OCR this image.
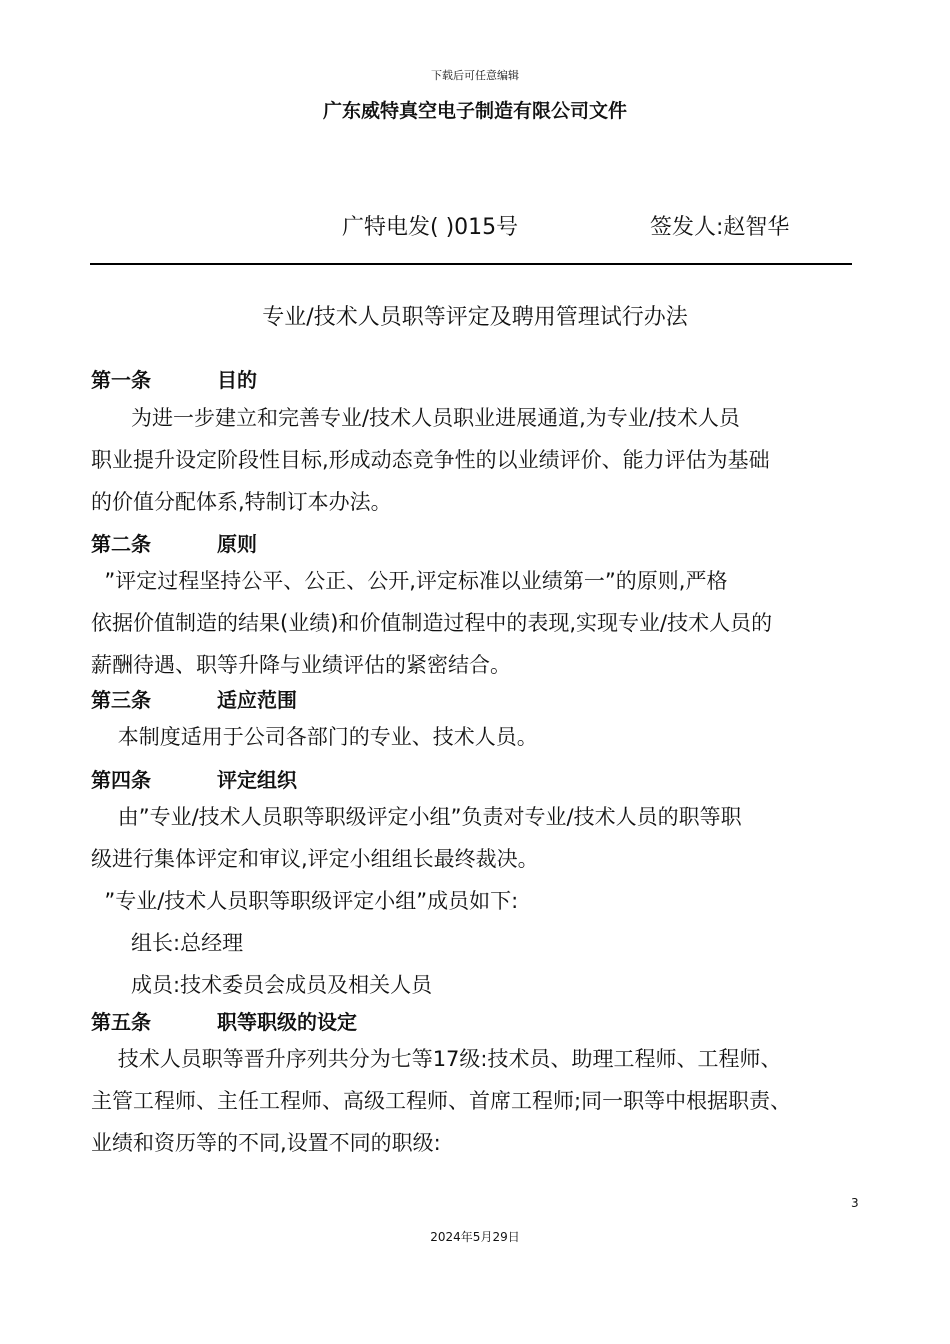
下载后可任意编辑
广东威特真空电子制造有限公司文件
广特电发( )015号	签发人:赵智华
专业/技术人员职等评定及聘用管理试行办法
第一条	目的
为进一步建立和完善专业/技术人员职业进展通道,为专业/技术人员
职业提升设定阶段性目标,形成动态竞争性的以业绩评价、能力评估为基础
的价值分配体系,特制订本办法。
第二条	原则
”评定过程坚持公平、公正、公开,评定标准以业绩第一”的原则,严格
依据价值制造的结果(业绩)和价值制造过程中的表现,实现专业/技术人员的
薪酬待遇、职等升降与业绩评估的紧密结合。
第三条	适应范围
本制度适用于公司各部门的专业、技术人员。
第四条	评定组织
由”专业/技术人员职等职级评定小组”负责对专业/技术人员的职等职
级进行集体评定和审议,评定小组组长最终裁决。
”专业/技术人员职等职级评定小组”成员如下:
组长:总经理
成员:技术委员会成员及相关人员
第五条	职等职级的设定
技术人员职等晋升序列共分为七等17级:技术员、助理工程师、工程师、
主管工程师、主任工程师、高级工程师、首席工程师;同一职等中根据职责、
业绩和资历等的不同,设置不同的职级:
3
2024年5月29日
